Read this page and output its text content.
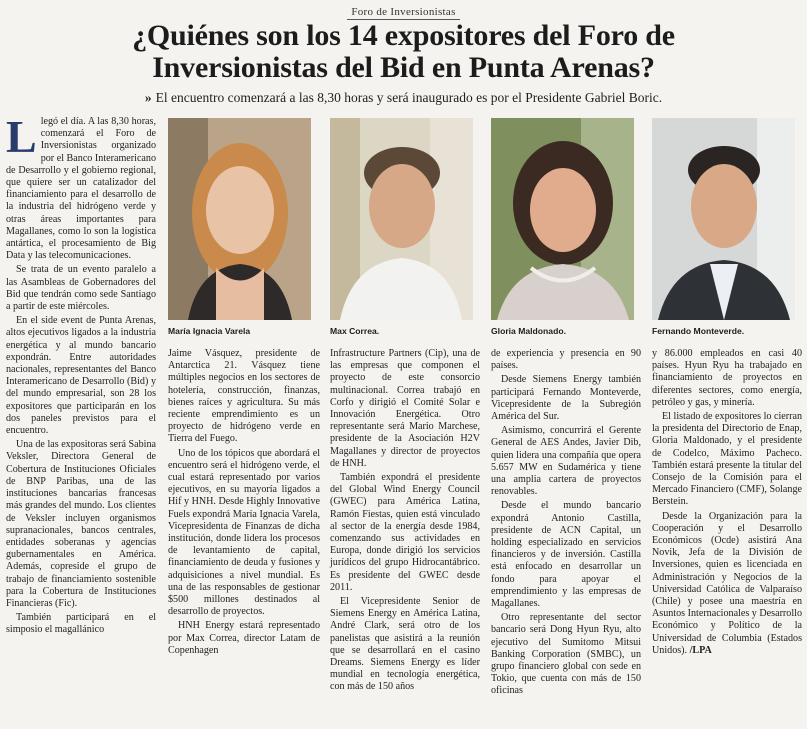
Foro de Inversionistas
¿Quiénes son los 14 expositores del Foro de Inversionistas del Bid en Punta Arenas?
» El encuentro comenzará a las 8,30 horas y será inaugurado es por el Presidente Gabriel Boric.

Llegó el día. A las 8,30 horas, comenzará el Foro de Inversionistas organizado por el Banco Interamericano de Desarrollo y el gobierno regional, que quiere ser un catalizador del financiamiento para el desarrollo de la industria del hidrógeno verde y otras áreas importantes para Magallanes, como lo son la logística antártica, el procesamiento de Big Data y las telecomunicaciones.

Se trata de un evento paralelo a las Asambleas de Gobernadores del Bid que tendrán como sede Santiago a partir de este miércoles.

En el side event de Punta Arenas, altos ejecutivos ligados a la industria energética y al mundo bancario expondrán. Entre autoridades nacionales, representantes del Banco Interamericano de Desarrollo (Bid) y del mundo empresarial, son 28 los expositores que participarán en los dos paneles previstos para el encuentro.

Una de las expositoras será Sabina Veksler, Directora General de Cobertura de Instituciones Oficiales de BNP Paribas, una de las instituciones bancarias francesas más grandes del mundo. Los clientes de Veksler incluyen organismos supranacionales, bancos centrales, entidades soberanas y agencias gubernamentales en América. Además, copreside el grupo de trabajo de financiamiento sostenible para la Cobertura de Instituciones Financieras (Fic).

También participará en el simposio el magallánico

María Ignacia Varela	Max Correa.	Gloria Maldonado.	Fernando Monteverde.

Jaime Vásquez, presidente de Antarctica 21. Vásquez tiene múltiples negocios en los sectores de hotelería, construcción, finanzas, bienes raíces y agricultura. Su más reciente emprendimiento es un proyecto de hidrógeno verde en Tierra del Fuego.

Uno de los tópicos que abordará el encuentro será el hidrógeno verde, el cual estará representado por varios ejecutivos, en su mayoría ligados a Hif y HNH. Desde Highly Innovative Fuels expondrá María Ignacia Varela, Vicepresidenta de Finanzas de dicha institución, donde lidera los procesos de levantamiento de capital, financiamiento de deuda y fusiones y adquisiciones a nivel mundial. Es una de las responsables de gestionar $500 millones destinados al desarrollo de proyectos.

HNH Energy estará representado por Max Correa, director Latam de Copenhagen

Infrastructure Partners (Cip), una de las empresas que componen el proyecto de este consorcio multinacional. Correa trabajó en Corfo y dirigió el Comité Solar e Innovación Energética. Otro representante será Mario Marchese, presidente de la Asociación H2V Magallanes y director de proyectos de HNH.

También expondrá el presidente del Global Wind Energy Council (GWEC) para América Latina, Ramón Fiestas, quien está vinculado al sector de la energía desde 1984, comenzando sus actividades en Europa, donde dirigió los servicios jurídicos del grupo Hidrocantábrico. Es presidente del GWEC desde 2011.

El Vicepresidente Senior de Siemens Energy en América Latina, André Clark, será otro de los panelistas que asistirá a la reunión que se desarrollará en el casino Dreams. Siemens Energy es líder mundial en tecnología energética, con más de 150 años

de experiencia y presencia en 90 países.

Desde Siemens Energy también participará Fernando Monteverde, Vicepresidente de la Subregión América del Sur.

Asimismo, concurrirá el Gerente General de AES Andes, Javier Dib, quien lidera una compañía que opera 5.657 MW en Sudamérica y tiene una amplia cartera de proyectos renovables.

Desde el mundo bancario expondrá Antonio Castilla, presidente de ACN Capital, un holding especializado en servicios financieros y de inversión. Castilla está enfocado en desarrollar un fondo para apoyar el emprendimiento y las empresas de Magallanes.

Otro representante del sector bancario será Dong Hyun Ryu, alto ejecutivo del Sumitomo Mitsui Banking Corporation (SMBC), un grupo financiero global con sede en Tokio, que cuenta con más de 150 oficinas

y 86.000 empleados en casi 40 países. Hyun Ryu ha trabajado en financiamiento de proyectos en diferentes sectores, como energía, petróleo y gas, y minería.

El listado de expositores lo cierran la presidenta del Directorio de Enap, Gloria Maldonado, y el presidente de Codelco, Máximo Pacheco. También estará presente la titular del Consejo de la Comisión para el Mercado Financiero (CMF), Solange Berstein.

Desde la Organización para la Cooperación y el Desarrollo Económicos (Ocde) asistirá Ana Novik, Jefa de la División de Inversiones, quien es licenciada en Administración y Negocios de la Universidad Católica de Valparaíso (Chile) y posee una maestría en Asuntos Internacionales y Desarrollo Económico y Político de la Universidad de Columbia (Estados Unidos). /LPA
